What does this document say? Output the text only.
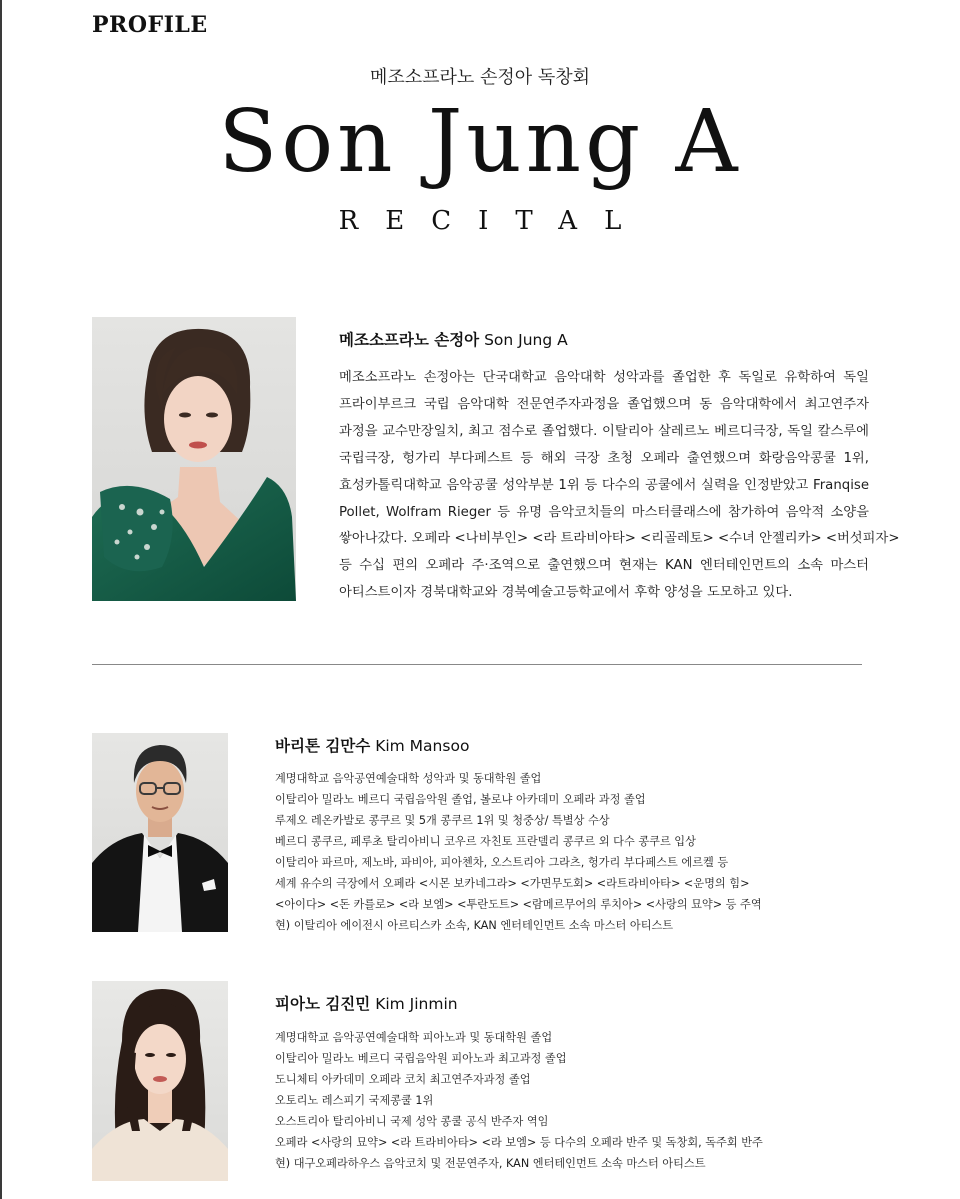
PROFILE
메조소프라노 손정아 독창회
Son Jung A
RECITAL
메조소프라노 손정아 Son Jung A
메조소프라노 손정아는 단국대학교 음악대학 성악과를 졸업한 후 독일로 유학하여 독일
프라이부르크 국립 음악대학 전문연주자과정을 졸업했으며 동 음악대학에서 최고연주자
과정을 교수만장일치, 최고 점수로 졸업했다. 이탈리아 살레르노 베르디극장, 독일 칼스루에
국립극장, 헝가리 부다페스트 등 해외 극장 초청 오페라 출연했으며 화랑음악콩쿨 1위,
효성카톨릭대학교 음악공쿨 성악부분 1위 등 다수의 공쿨에서 실력을 인정받았고 Franqise
Pollet, Wolfram Rieger 등 유명 음악코치들의 마스터클래스에 참가하여 음악적 소양을
쌓아나갔다. 오페라 <나비부인> <라 트라비아타> <리골레토> <수녀 안젤리카> <버섯피자>
등 수십 편의 오페라 주·조역으로 출연했으며 현재는 KAN 엔터테인먼트의 소속 마스터
아티스트이자 경북대학교와 경북예술고등학교에서 후학 양성을 도모하고 있다.
바리톤 김만수 Kim Mansoo
계명대학교 음악공연예술대학 성악과 및 동대학원 졸업
이탈리아 밀라노 베르디 국립음악원 졸업, 볼로냐 아카데미 오페라 과정 졸업
루제오 레온카발로 콩쿠르 및 5개 콩쿠르 1위 및 청중상/ 특별상 수상
베르디 콩쿠르, 페루초 탈리아비니 코우르 자친토 프란델리 콩쿠르 외 다수 콩쿠르 입상
이탈리아 파르마, 제노바, 파비아, 피아첸차, 오스트리아 그라츠, 헝가리 부다페스트 에르켈 등
세계 유수의 극장에서 오페라 <시몬 보카네그라> <가면무도회> <라트라비아타> <운명의 힘>
<아이다> <돈 카를로> <라 보엠> <투란도트> <람메르무어의 루치아> <사랑의 묘약> 등 주역
현) 이탈리아 에이전시 아르티스카 소속, KAN 엔터테인먼트 소속 마스터 아티스트
피아노 김진민 Kim Jinmin
계명대학교 음악공연예술대학 피아노과 및 동대학원 졸업
이탈리아 밀라노 베르디 국립음악원 피아노과 최고과정 졸업
도니체티 아카데미 오페라 코치 최고연주자과정 졸업
오토리노 레스피기 국제콩쿨 1위
오스트리아 탈리아비니 국제 성악 콩쿨 공식 반주자 역임
오페라 <사랑의 묘약> <라 트라비아타> <라 보엠> 등 다수의 오페라 반주 및 독창회, 독주회 반주
현) 대구오페라하우스 음악코치 및 전문연주자, KAN 엔터테인먼트 소속 마스터 아티스트
